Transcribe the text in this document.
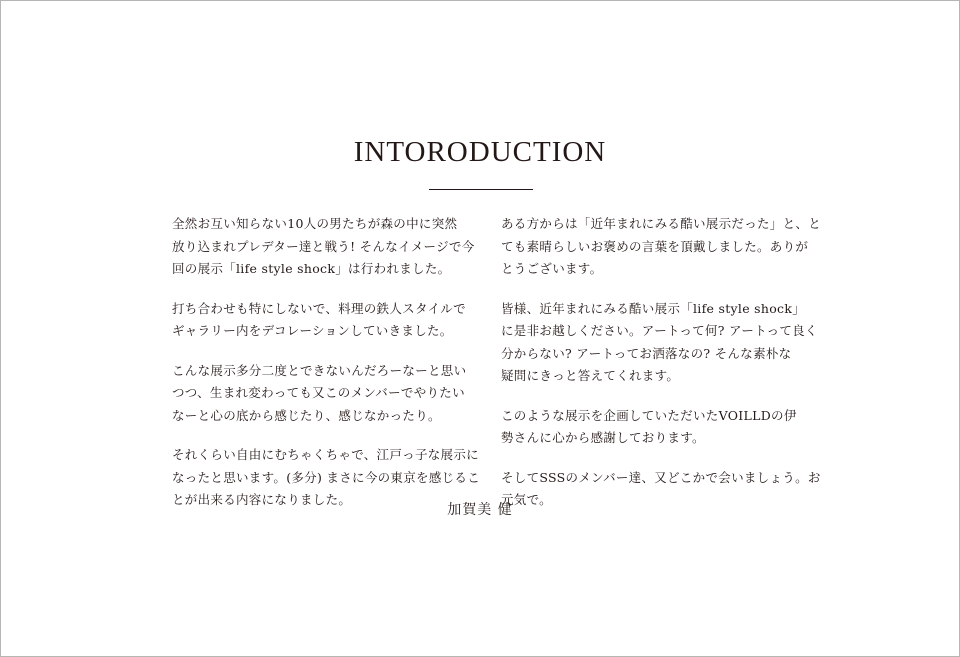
INTORODUCTION

全然お互い知らない10人の男たちが森の中に突然
放り込まれプレデター達と戦う! そんなイメージで今
回の展示「life style shock」は行われました。

打ち合わせも特にしないで、料理の鉄人スタイルで
ギャラリー内をデコレーションしていきました。

こんな展示多分二度とできないんだろーなーと思い
つつ、生まれ変わっても又このメンバーでやりたい
なーと心の底から感じたり、感じなかったり。

それくらい自由にむちゃくちゃで、江戸っ子な展示に
なったと思います。(多分) まさに今の東京を感じるこ
とが出来る内容になりました。

ある方からは「近年まれにみる酷い展示だった」と、と
ても素晴らしいお褒めの言葉を頂戴しました。ありが
とうございます。

皆様、近年まれにみる酷い展示「life style shock」
に是非お越しください。アートって何? アートって良く
分からない? アートってお洒落なの? そんな素朴な
疑問にきっと答えてくれます。

このような展示を企画していただいたVOILLDの伊
勢さんに心から感謝しております。

そしてSSSのメンバー達、又どこかで会いましょう。お
元気で。

加賀美 健
